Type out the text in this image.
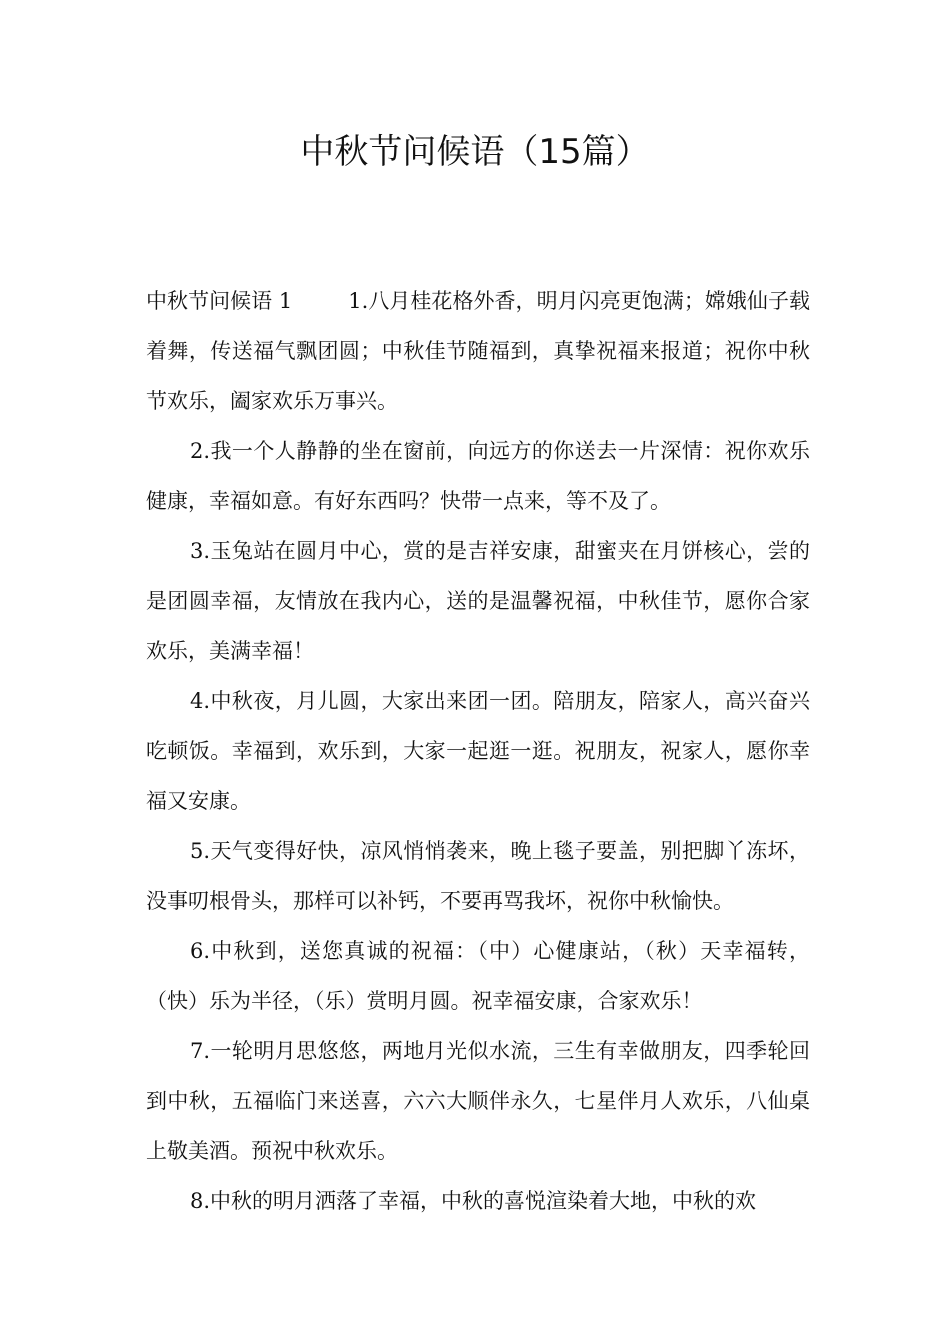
中秋节问候语（15篇）

中秋节问候语 1	1.八月桂花格外香，明月闪亮更饱满；嫦娥仙子载着舞，传送福气飘团圆；中秋佳节随福到，真挚祝福来报道；祝你中秋节欢乐，阖家欢乐万事兴。

2.我一个人静静的坐在窗前，向远方的你送去一片深情：祝你欢乐健康，幸福如意。有好东西吗？快带一点来，等不及了。

3.玉兔站在圆月中心，赏的是吉祥安康，甜蜜夹在月饼核心，尝的是团圆幸福，友情放在我内心，送的是温馨祝福，中秋佳节，愿你合家欢乐，美满幸福！

4.中秋夜，月儿圆，大家出来团一团。陪朋友，陪家人，高兴奋兴吃顿饭。幸福到，欢乐到，大家一起逛一逛。祝朋友，祝家人，愿你幸福又安康。

5.天气变得好快，凉风悄悄袭来，晚上毯子要盖，别把脚丫冻坏，没事叨根骨头，那样可以补钙，不要再骂我坏，祝你中秋愉快。

6.中秋到，送您真诚的祝福：（中）心健康站，（秋）天幸福转，（快）乐为半径，（乐）赏明月圆。祝幸福安康，合家欢乐！

7.一轮明月思悠悠，两地月光似水流，三生有幸做朋友，四季轮回到中秋，五福临门来送喜，六六大顺伴永久，七星伴月人欢乐，八仙桌上敬美酒。预祝中秋欢乐。

8.中秋的明月洒落了幸福，中秋的喜悦渲染着大地，中秋的欢
